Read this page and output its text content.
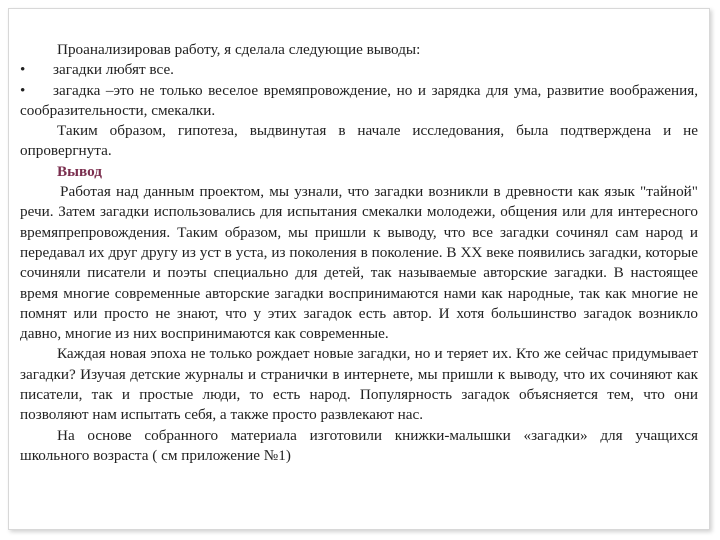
Проанализировав работу, я сделала следующие выводы:

•	загадки любят все.

• загадка –это не только веселое времяпровождение, но и зарядка для ума, развитие воображения, сообразительности, смекалки.

Таким образом, гипотеза, выдвинутая в начале исследования, была подтверждена и не опровергнута.

Вывод

Работая над данным проектом, мы узнали, что загадки возникли в древности как язык "тайной" речи. Затем загадки использовались для испытания смекалки молодежи, общения или для интересного времяпрепровождения. Таким образом, мы пришли к выводу, что все загадки сочинял сам народ и передавал их друг другу из уст в уста, из поколения в поколение. В XX веке появились загадки, которые сочиняли писатели и поэты специально для детей, так называемые авторские загадки. В настоящее время многие современные авторские загадки воспринимаются нами как народные, так как многие не помнят или просто не знают, что у этих загадок есть автор. И хотя большинство загадок возникло давно, многие из них воспринимаются как современные.

Каждая новая эпоха не только рождает новые загадки, но и теряет их. Кто же сейчас придумывает загадки? Изучая детские журналы и странички в интернете, мы пришли к выводу, что их сочиняют как писатели, так и простые люди, то есть народ. Популярность загадок объясняется тем, что они позволяют нам испытать себя, а также просто развлекают нас.

На основе собранного материала изготовили книжки-малышки «загадки» для учащихся школьного возраста ( см приложение №1)
